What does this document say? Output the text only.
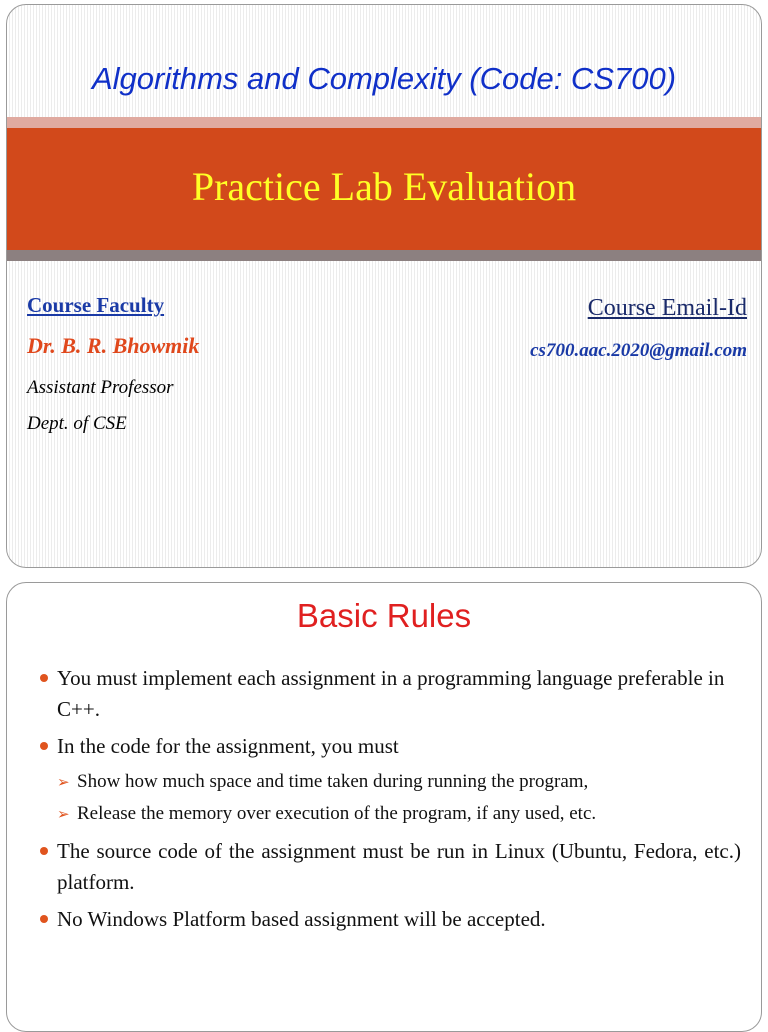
Algorithms and Complexity (Code: CS700)
Practice Lab Evaluation
Course Faculty
Dr. B. R. Bhowmik
Assistant Professor
Dept. of CSE
Course Email-Id
cs700.aac.2020@gmail.com
Basic Rules
You must implement each assignment in a programming language preferable in C++.
In the code for the assignment, you must
➢ Show how much space and time taken during running the program,
➢ Release the memory over execution of the program, if any used, etc.
The source code of the assignment must be run in Linux (Ubuntu, Fedora, etc.) platform.
No Windows Platform based assignment will be accepted.
